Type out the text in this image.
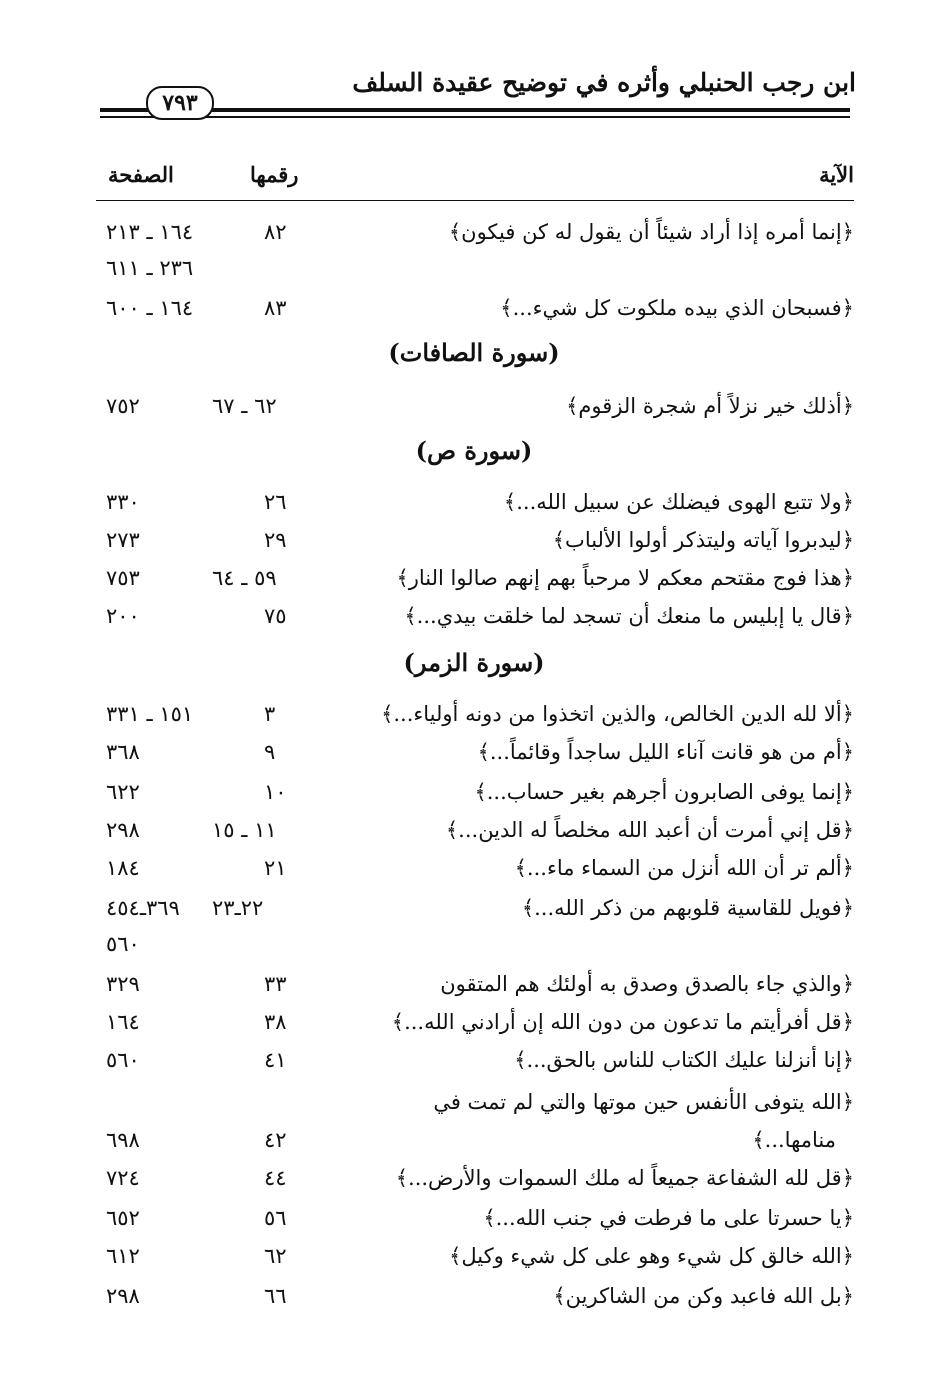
ابن رجب الحنبلي وأثره في توضيح عقيدة السلف
٧٩٣
الآية
رقمها
الصفحة
﴿إنما أمره إذا أراد شيئاً أن يقول له كن فيكون﴾
٨٢
١٦٤ ـ ٢١٣
٢٣٦ ـ ٦١١
﴿فسبحان الذي بيده ملكوت كل شيء...﴾
٨٣
١٦٤ ـ ٦٠٠
(سورة الصافات)
﴿أذلك خير نزلاً أم شجرة الزقوم﴾
٦٢ ـ ٦٧
٧٥٢
(سورة ص)
﴿ولا تتبع الهوى فيضلك عن سبيل الله...﴾
٢٦
٣٣٠
﴿ليدبروا آياته وليتذكر أولوا الألباب﴾
٢٩
٢٧٣
﴿هذا فوج مقتحم معكم لا مرحباً بهم إنهم صالوا النار﴾
٥٩ ـ ٦٤
٧٥٣
﴿قال يا إبليس ما منعك أن تسجد لما خلقت بيدي...﴾
٧٥
٢٠٠
(سورة الزمر)
﴿ألا لله الدين الخالص، والذين اتخذوا من دونه أولياء...﴾
٣
١٥١ ـ ٣٣١
﴿أم من هو قانت آناء الليل ساجداً وقائماً...﴾
٩
٣٦٨
﴿إنما يوفى الصابرون أجرهم بغير حساب...﴾
١٠
٦٢٢
﴿قل إني أمرت أن أعبد الله مخلصاً له الدين...﴾
١١ ـ ١٥
٢٩٨
﴿ألم تر أن الله أنزل من السماء ماء...﴾
٢١
١٨٤
﴿فويل للقاسية قلوبهم من ذكر الله...﴾
٢٢ـ٢٣
٣٦٩ـ٤٥٤
٥٦٠
﴿والذي جاء بالصدق وصدق به أولئك هم المتقون
٣٣
٣٢٩
﴿قل أفرأيتم ما تدعون من دون الله إن أرادني الله...﴾
٣٨
١٦٤
﴿إنا أنزلنا عليك الكتاب للناس بالحق...﴾
٤١
٥٦٠
﴿الله يتوفى الأنفس حين موتها والتي لم تمت في
منامها...﴾
٤٢
٦٩٨
﴿قل لله الشفاعة جميعاً له ملك السموات والأرض...﴾
٤٤
٧٢٤
﴿يا حسرتا على ما فرطت في جنب الله...﴾
٥٦
٦٥٢
﴿الله خالق كل شيء وهو على كل شيء وكيل﴾
٦٢
٦١٢
﴿بل الله فاعبد وكن من الشاكرين﴾
٦٦
٢٩٨
